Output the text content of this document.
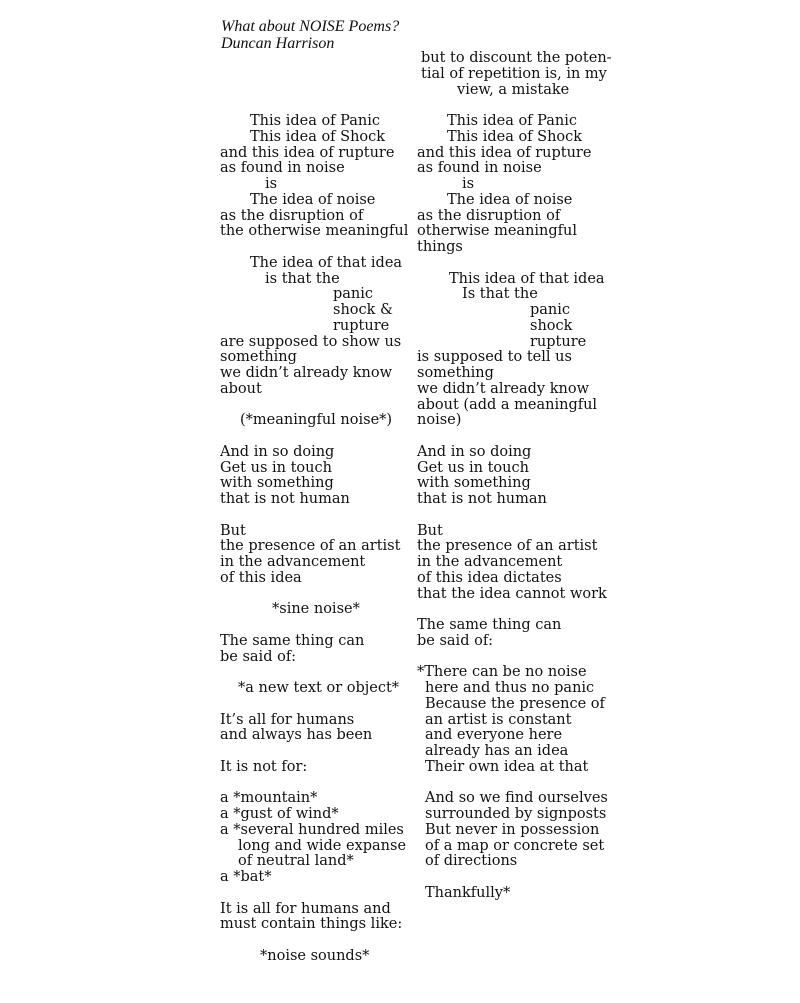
What about NOISE Poems?
Duncan Harrison
This idea of Panic
This idea of Shock
and this idea of rupture
as found in noise
is
The idea of noise
as the disruption of
the otherwise meaningful
The idea of that idea
is that the
panic
shock &
rupture
are supposed to show us
something
we didn’t already know
about
(*meaningful noise*)
And in so doing
Get us in touch
with something
that is not human
But
the presence of an artist
in the advancement
of this idea
*sine noise*
The same thing can
be said of:
*a new text or object*
It’s all for humans
and always has been
It is not for:
a *mountain*
a *gust of wind*
a *several hundred miles
long and wide expanse
of neutral land*
a *bat*
It is all for humans and
must contain things like:
*noise sounds*
but to discount the poten-
tial of repetition is, in my
view, a mistake
This idea of Panic
This idea of Shock
and this idea of rupture
as found in noise
is
The idea of noise
as the disruption of
otherwise meaningful
things
This idea of that idea
Is that the
panic
shock
rupture
is supposed to tell us
something
we didn’t already know
about (add a meaningful
noise)
And in so doing
Get us in touch
with something
that is not human
But
the presence of an artist
in the advancement
of this idea dictates
that the idea cannot work
The same thing can
be said of:
*There can be no noise
here and thus no panic
Because the presence of
an artist is constant
and everyone here
already has an idea
Their own idea at that
And so we find ourselves
surrounded by signposts
But never in possession
of a map or concrete set
of directions
Thankfully*
